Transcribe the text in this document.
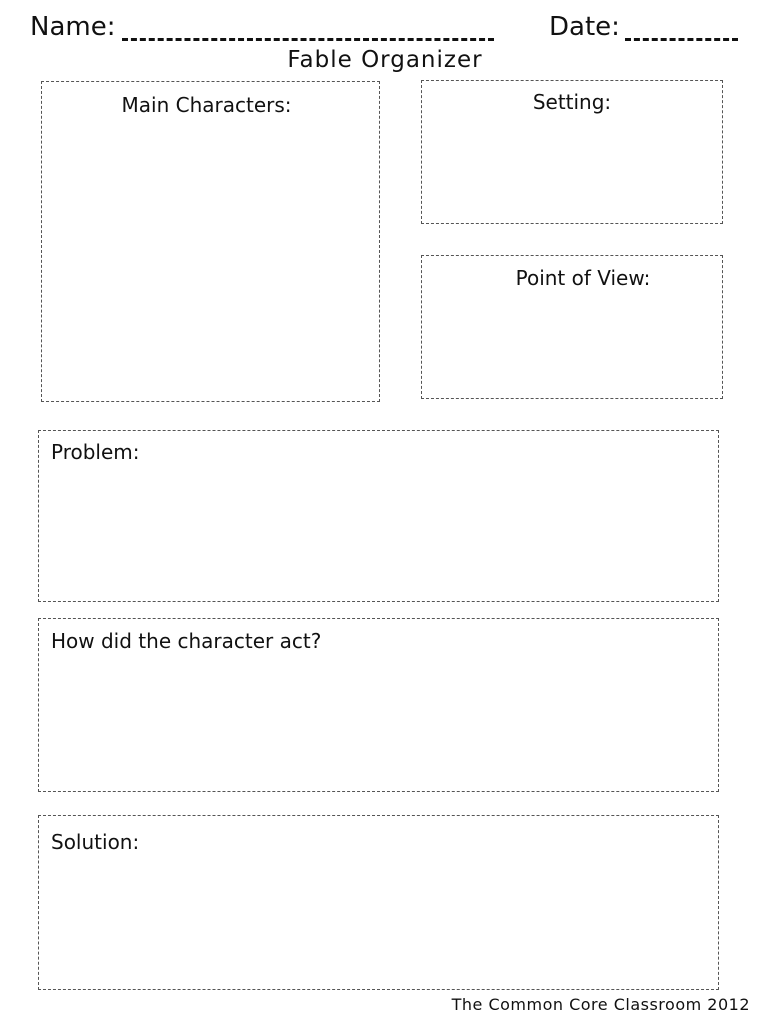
Name:	Date:
Fable Organizer
Main Characters:	Setting:
Point of View:
Problem:
How did the character act?
Solution:
The Common Core Classroom 2012
